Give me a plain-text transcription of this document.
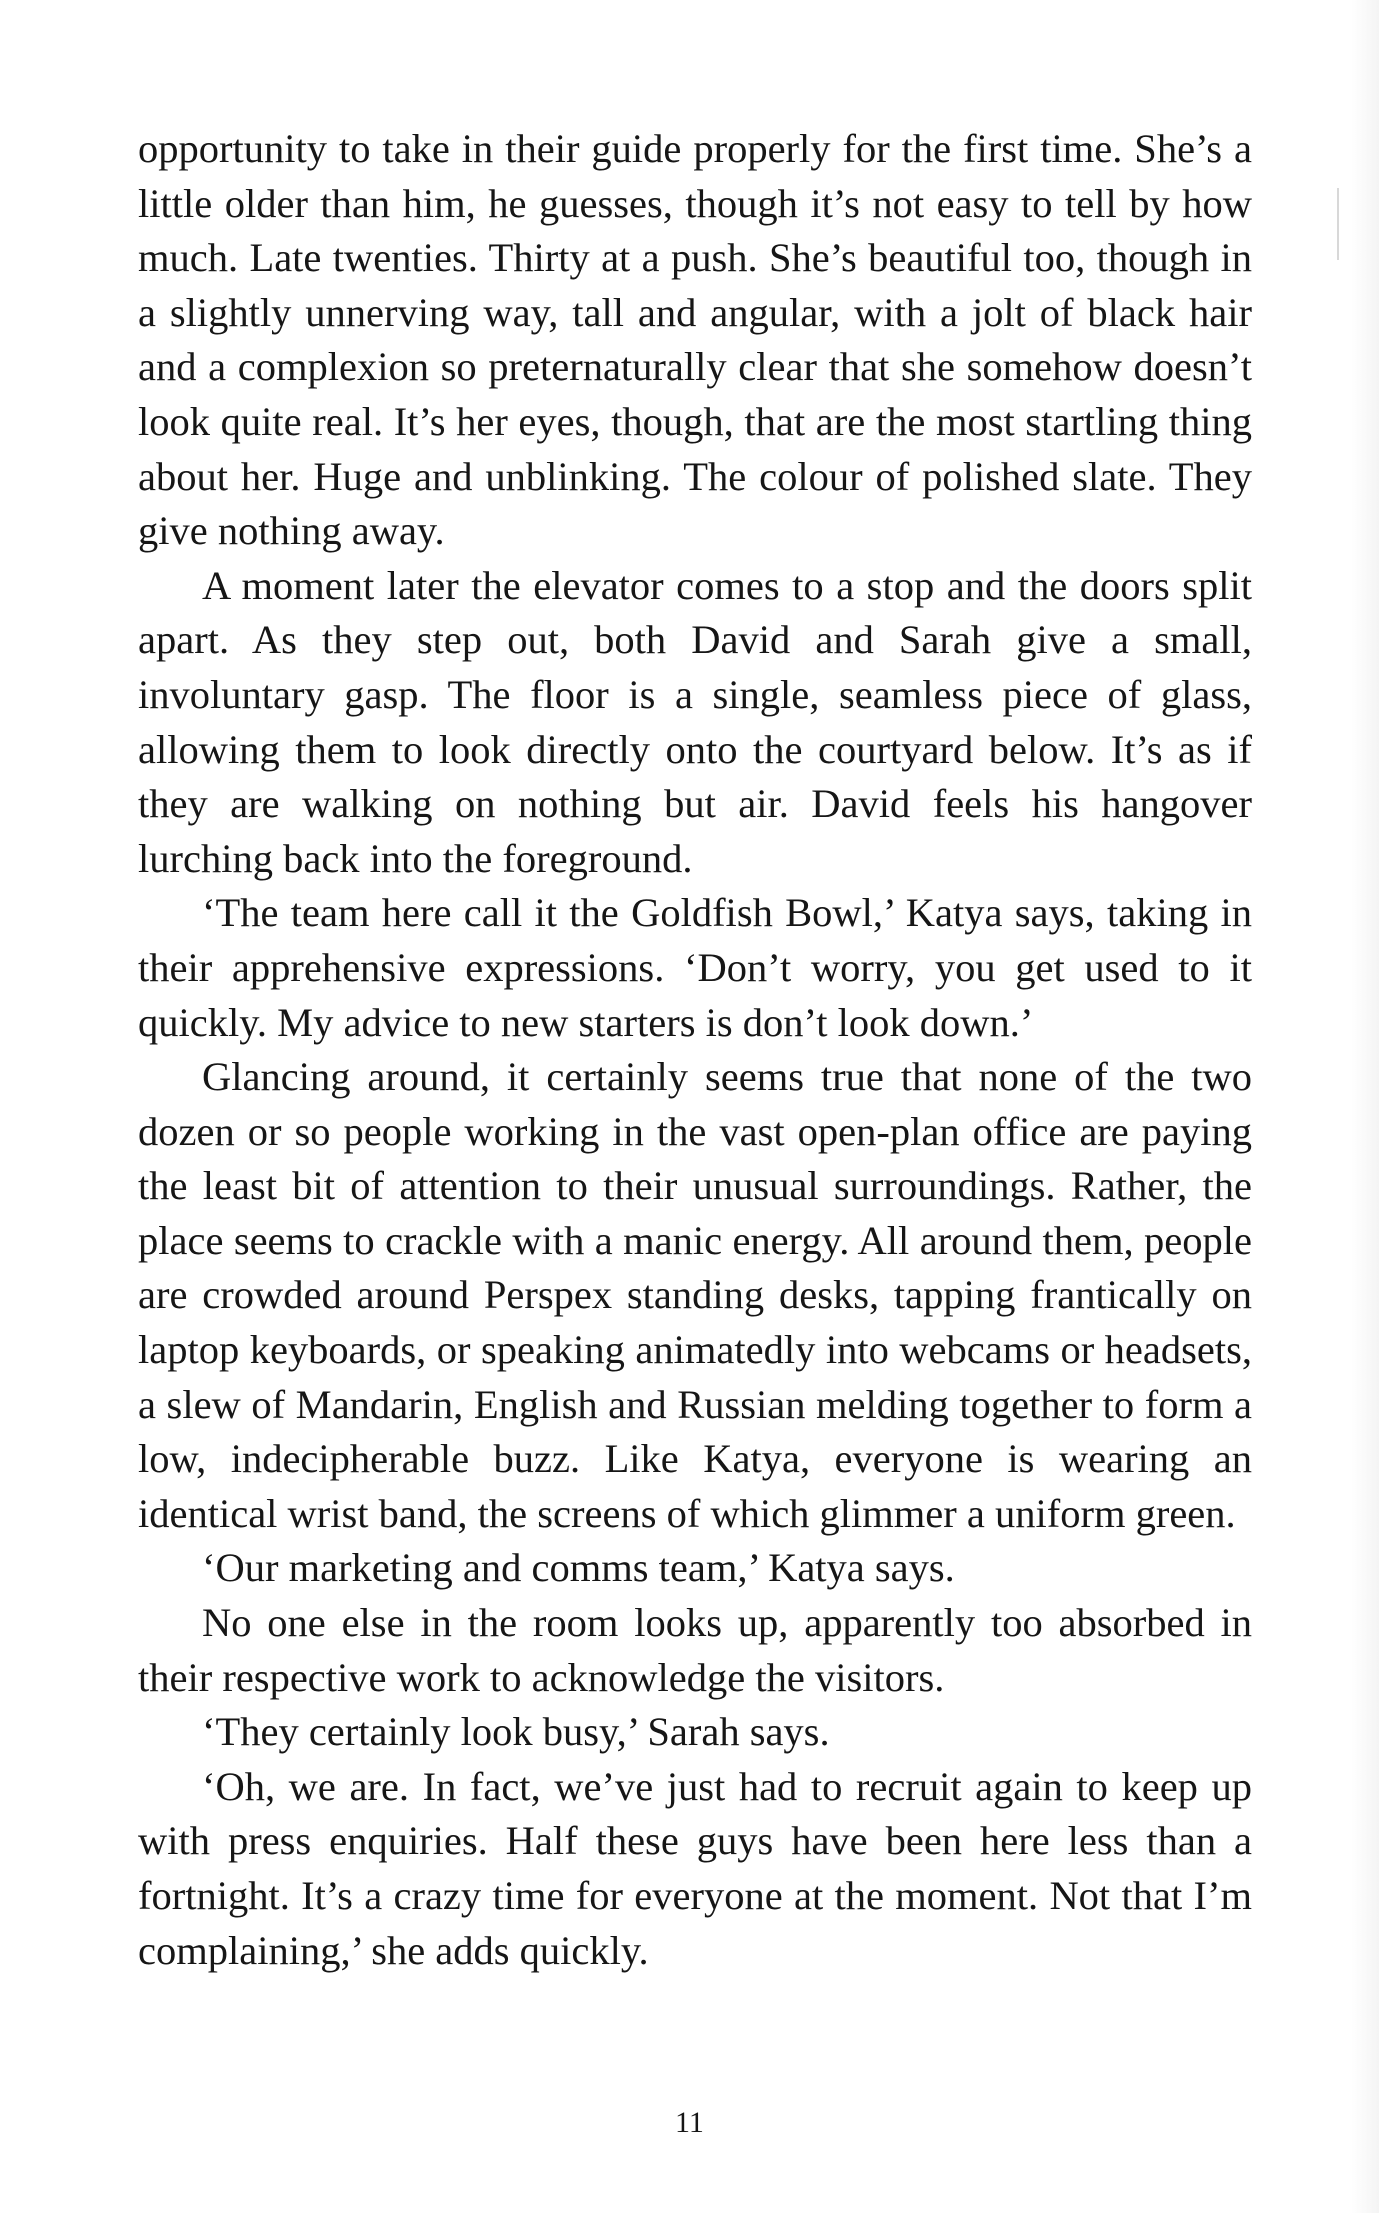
opportunity to take in their guide properly for the first time. She’s a little older than him, he guesses, though it’s not easy to tell by how much. Late twenties. Thirty at a push. She’s beautiful too, though in a slightly unnerving way, tall and angular, with a jolt of black hair and a complexion so preternaturally clear that she somehow doesn’t look quite real. It’s her eyes, though, that are the most startling thing about her. Huge and unblinking. The colour of polished slate. They give nothing away.

A moment later the elevator comes to a stop and the doors split apart. As they step out, both David and Sarah give a small, involuntary gasp. The floor is a single, seamless piece of glass, allowing them to look directly onto the courtyard below. It’s as if they are walking on nothing but air. David feels his hangover lurching back into the foreground.

‘The team here call it the Goldfish Bowl,’ Katya says, taking in their apprehensive expressions. ‘Don’t worry, you get used to it quickly. My advice to new starters is don’t look down.’

Glancing around, it certainly seems true that none of the two dozen or so people working in the vast open-plan office are paying the least bit of attention to their unusual surroundings. Rather, the place seems to crackle with a manic energy. All around them, people are crowded around Perspex standing desks, tapping frantically on laptop keyboards, or speaking animatedly into webcams or headsets, a slew of Mandarin, English and Russian melding together to form a low, indecipherable buzz. Like Katya, everyone is wearing an identical wrist band, the screens of which glimmer a uniform green.

‘Our marketing and comms team,’ Katya says.

No one else in the room looks up, apparently too absorbed in their respective work to acknowledge the visitors.

‘They certainly look busy,’ Sarah says.

‘Oh, we are. In fact, we’ve just had to recruit again to keep up with press enquiries. Half these guys have been here less than a fortnight. It’s a crazy time for everyone at the moment. Not that I’m complaining,’ she adds quickly.

11
